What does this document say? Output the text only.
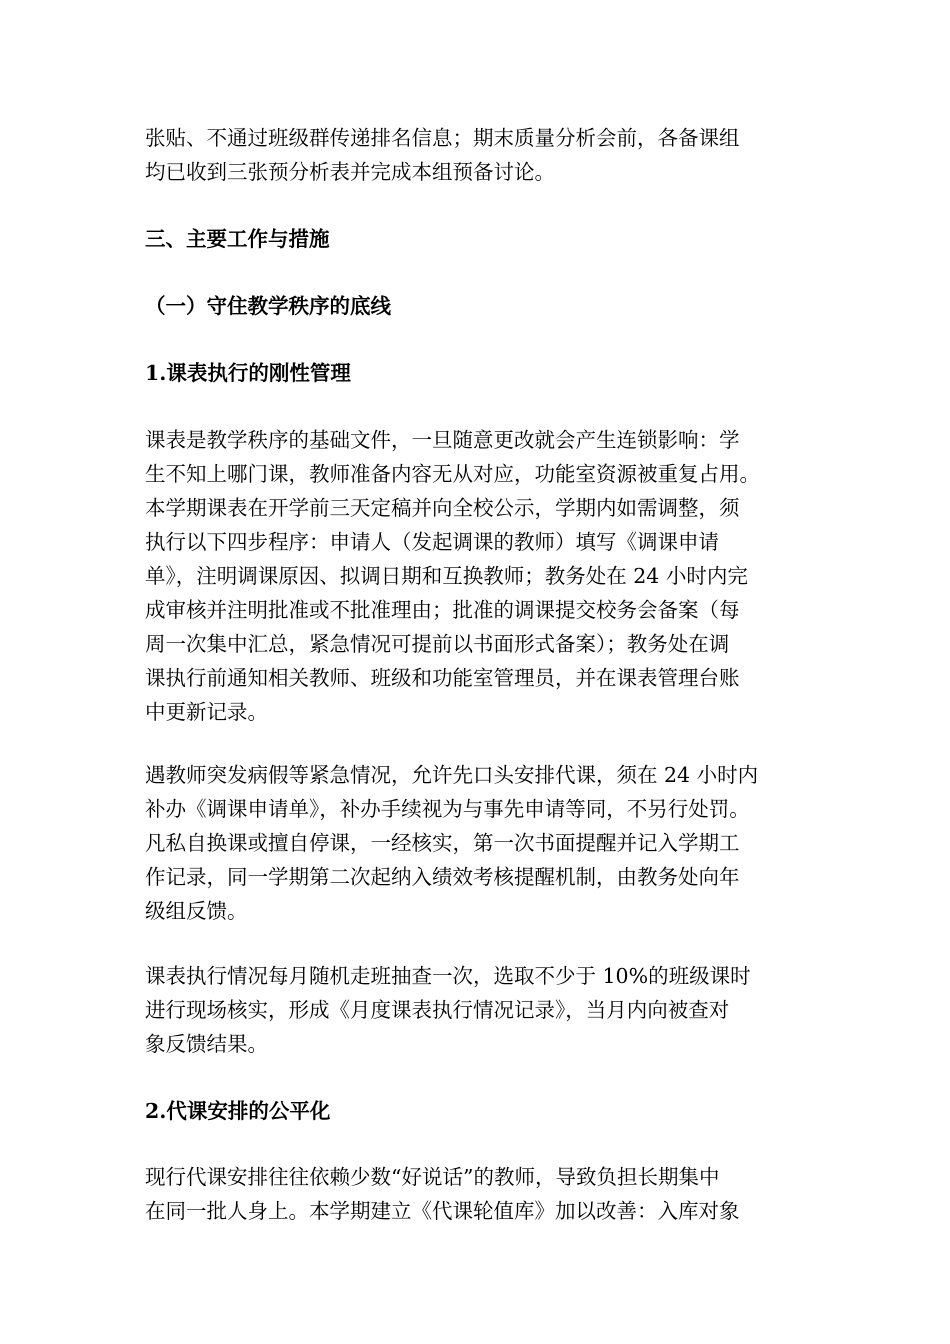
张贴、不通过班级群传递排名信息；期末质量分析会前，各备课组
均已收到三张预分析表并完成本组预备讨论。

三、主要工作与措施
（一）守住教学秩序的底线
1.课表执行的刚性管理

课表是教学秩序的基础文件，一旦随意更改就会产生连锁影响：学
生不知上哪门课，教师准备内容无从对应，功能室资源被重复占用。
本学期课表在开学前三天定稿并向全校公示，学期内如需调整，须
执行以下四步程序：申请人（发起调课的教师）填写《调课申请
单》，注明调课原因、拟调日期和互换教师；教务处在 24 小时内完
成审核并注明批准或不批准理由；批准的调课提交校务会备案（每
周一次集中汇总，紧急情况可提前以书面形式备案）；教务处在调
课执行前通知相关教师、班级和功能室管理员，并在课表管理台账
中更新记录。

遇教师突发病假等紧急情况，允许先口头安排代课，须在 24 小时内
补办《调课申请单》，补办手续视为与事先申请等同，不另行处罚。
凡私自换课或擅自停课，一经核实，第一次书面提醒并记入学期工
作记录，同一学期第二次起纳入绩效考核提醒机制，由教务处向年
级组反馈。

课表执行情况每月随机走班抽查一次，选取不少于 10%的班级课时
进行现场核实，形成《月度课表执行情况记录》，当月内向被查对
象反馈结果。

2.代课安排的公平化

现行代课安排往往依赖少数“好说话”的教师，导致负担长期集中
在同一批人身上。本学期建立《代课轮值库》加以改善：入库对象
